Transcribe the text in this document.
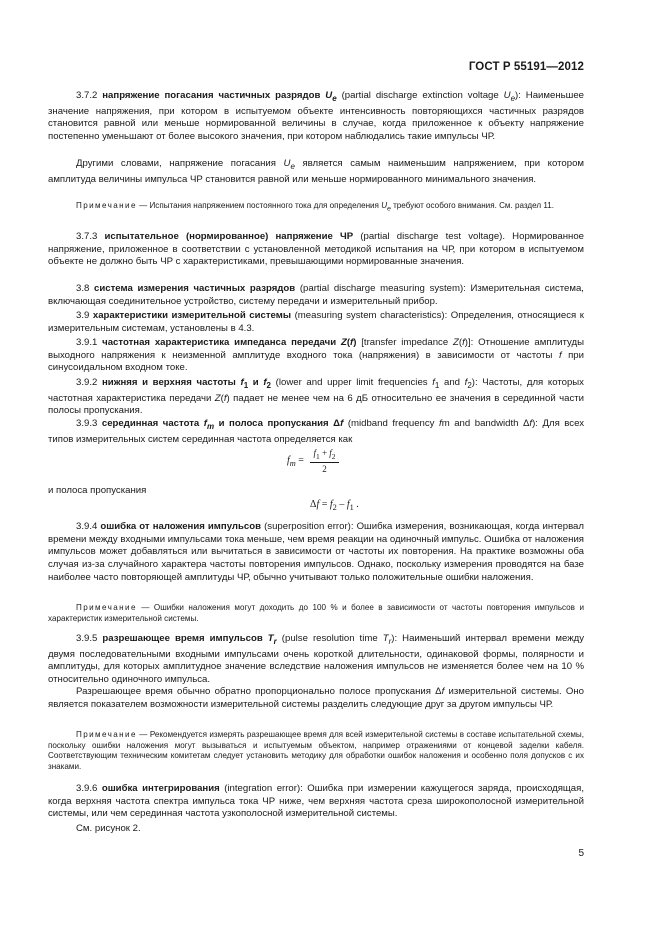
ГОСТ Р 55191—2012

3.7.2 напряжение погасания частичных разрядов $U_e$ (partial discharge extinction voltage $U_e$): Наименьшее значение напряжения, при котором в испытуемом объекте интенсивность повторяющихся частичных разрядов становится равной или меньше нормированной величины в случае, когда приложенное к объекту напряжение постепенно уменьшают от более высокого значения, при котором наблюдались такие импульсы ЧР.

Другими словами, напряжение погасания $U_e$ является самым наименьшим напряжением, при котором амплитуда величины импульса ЧР становится равной или меньше нормированного минимального значения.

Примечание — Испытания напряжением постоянного тока для определения $U_e$ требуют особого внимания. См. раздел 11.

3.7.3 испытательное (нормированное) напряжение ЧР (partial discharge test voltage). Нормированное напряжение, приложенное в соответствии с установленной методикой испытания на ЧР, при котором в испытуемом объекте не должно быть ЧР с характеристиками, превышающими нормированные значения.

3.8 система измерения частичных разрядов (partial discharge measuring system): Измерительная система, включающая соединительное устройство, систему передачи и измерительный прибор.

3.9 характеристики измерительной системы (measuring system characteristics): Определения, относящиеся к измерительным системам, установлены в 4.3.

3.9.1 частотная характеристика импеданса передачи Z(f) [transfer impedance Z(f)]: Отношение амплитуды выходного напряжения к неизменной амплитуде входного тока (напряжения) в зависимости от частоты f при синусоидальном входном токе.

3.9.2 нижняя и верхняя частоты $f_1$ и $f_2$ (lower and upper limit frequencies $f_1$ and $f_2$): Частоты, для которых частотная характеристика передачи Z(f) падает не менее чем на 6 дБ относительно ее значения в серединной части полосы пропускания.

3.9.3 серединная частота $f_m$ и полоса пропускания Δf (midband frequency fm and bandwidth Δf): Для всех типов измерительных систем серединная частота определяется как

$f_m = \frac{f_1 + f_2}{2}$

и полоса пропускания

$\Delta f = f_2 - f_1$ .

3.9.4 ошибка от наложения импульсов (superposition error): Ошибка измерения, возникающая, когда интервал времени между входными импульсами тока меньше, чем время реакции на одиночный импульс. Ошибка от наложения импульсов может добавляться или вычитаться в зависимости от частоты их повторения. На практике возможны оба случая из-за случайного характера частоты повторения импульсов. Однако, поскольку измерения проводятся на базе наиболее часто повторяющей амплитуды ЧР, обычно учитывают только положительные ошибки наложения.

Примечание — Ошибки наложения могут доходить до 100 % и более в зависимости от частоты повторения импульсов и характеристик измерительной системы.

3.9.5 разрешающее время импульсов $T_r$ (pulse resolution time $T_r$): Наименьший интервал времени между двумя последовательными входными импульсами очень короткой длительности, одинаковой формы, полярности и амплитуды, для которых амплитудное значение вследствие наложения импульсов не изменяется более чем на 10 % относительно одиночного импульса.

Разрешающее время обычно обратно пропорционально полосе пропускания Δf измерительной системы. Оно является показателем возможности измерительной системы разделить следующие друг за другом импульсы ЧР.

Примечание — Рекомендуется измерять разрешающее время для всей измерительной системы в составе испытательной схемы, поскольку ошибки наложения могут вызываться и испытуемым объектом, например отражениями от концевой заделки кабеля. Соответствующим техническим комитетам следует установить методику для обработки ошибок наложения и особенно поля допусков с их знаками.

3.9.6 ошибка интегрирования (integration error): Ошибка при измерении кажущегося заряда, происходящая, когда верхняя частота спектра импульса тока ЧР ниже, чем верхняя частота среза широкополосной измерительной системы, или чем серединная частота узкополосной измерительной системы.

См. рисунок 2.

5
